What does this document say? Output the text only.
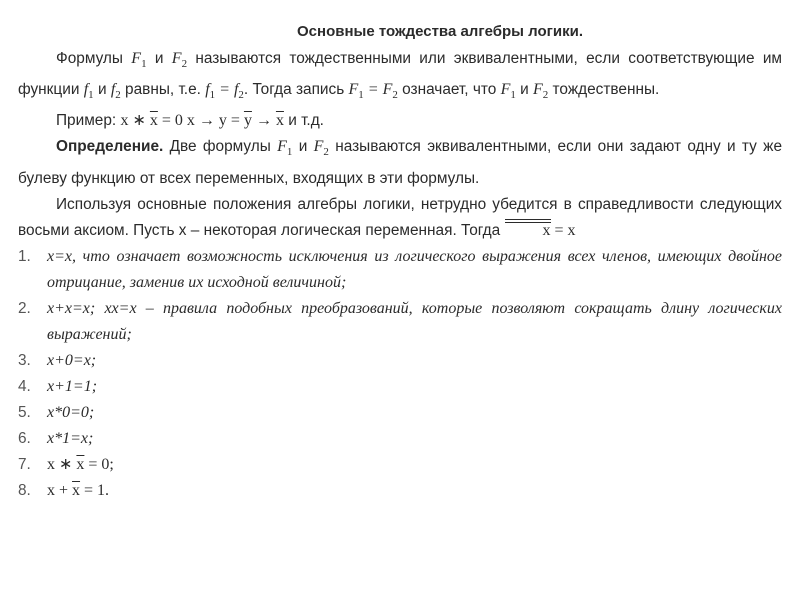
Основные тождества алгебры логики.

Формулы $F_1$ и $F_2$ называются тождественными или эквивалентными, если соответствующие им функции $f_1$ и $f_2$ равны, т.е. $f_1 = f_2$. Тогда запись $F_1 = F_2$ означает, что $F_1$ и $F_2$ тождественны.

Пример: x ∗ $\overline{x} = 0$ $x \to y = \overline{y} \to \overline{x}$ и т.д.

Определение. Две формулы $F_1$ и $F_2$ называются эквивалентными, если они задают одну и ту же булеву функцию от всех переменных, входящих в эти формулы.

Используя основные положения алгебры логики, нетрудно убедится в справедливости следующих восьми аксиом. Пусть x – некоторая логическая переменная. Тогда x = x

1. x=x, что означает возможность исключения из логического выражения всех членов, имеющих двойное отрицание, заменив их исходной величиной;
2. x+x=x; xx=x – правила подобных преобразований, которые позволяют сокращать длину логических выражений;
3. x+0=x;
4. x+1=1;
5. x*0=0;
6. x*1=x;
7. x ∗ $\overline{x} = 0$;
8. $x + \overline{x} = 1$.
